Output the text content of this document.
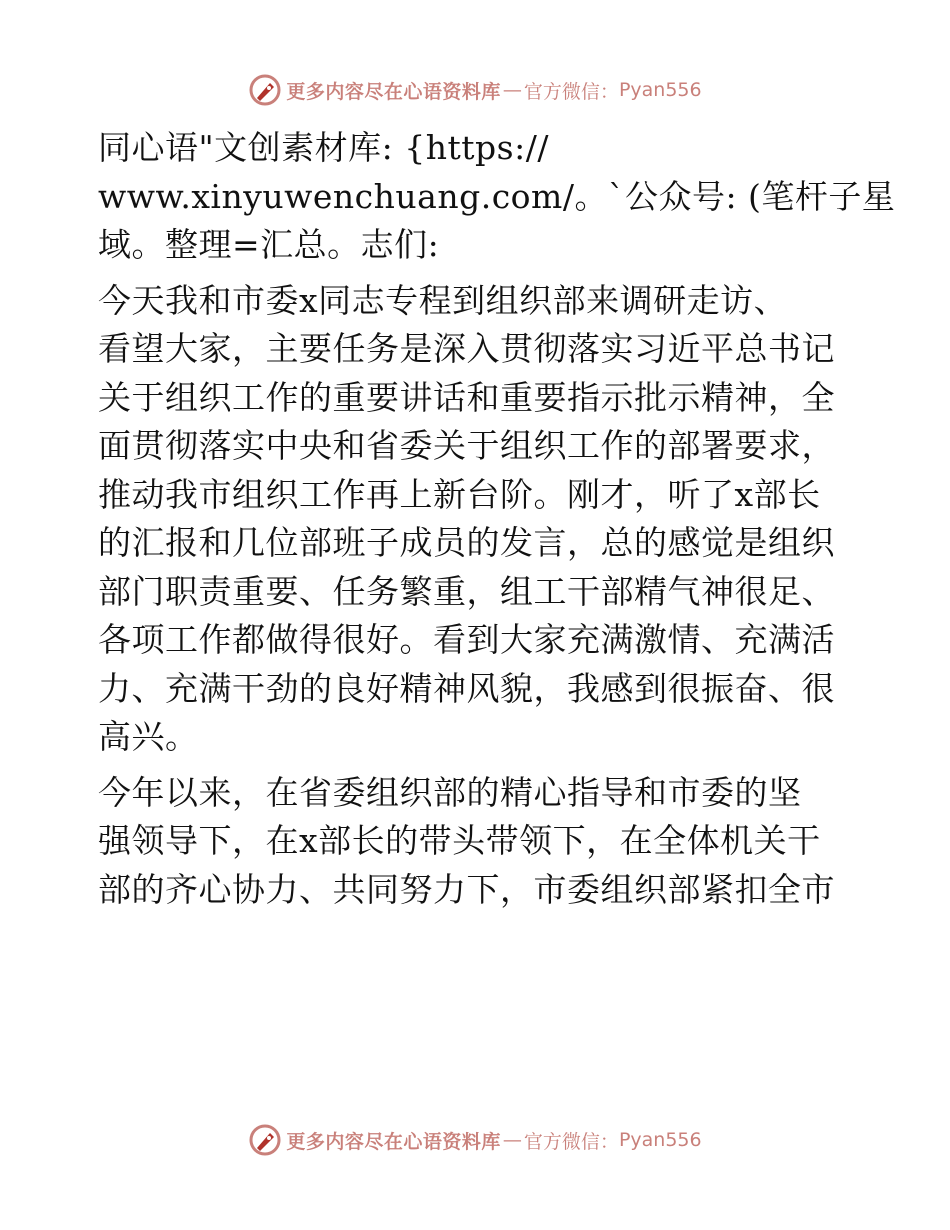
更多内容尽在心语资料库 — 官方微信： Pyan556

同心语"文创素材库: {https://
www.xinyuwenchuang.com/。`公众号: (笔杆子星
域。整理=汇总。志们:

今天我和市委x同志专程到组织部来调研走访、
看望大家，主要任务是深入贯彻落实习近平总书记
关于组织工作的重要讲话和重要指示批示精神，全
面贯彻落实中央和省委关于组织工作的部署要求，
推动我市组织工作再上新台阶。刚才，听了x部长
的汇报和几位部班子成员的发言，总的感觉是组织
部门职责重要、任务繁重，组工干部精气神很足、
各项工作都做得很好。看到大家充满激情、充满活
力、充满干劲的良好精神风貌，我感到很振奋、很
高兴。

今年以来，在省委组织部的精心指导和市委的坚
强领导下，在x部长的带头带领下，在全体机关干
部的齐心协力、共同努力下，市委组织部紧扣全市

更多内容尽在心语资料库 — 官方微信： Pyan556
